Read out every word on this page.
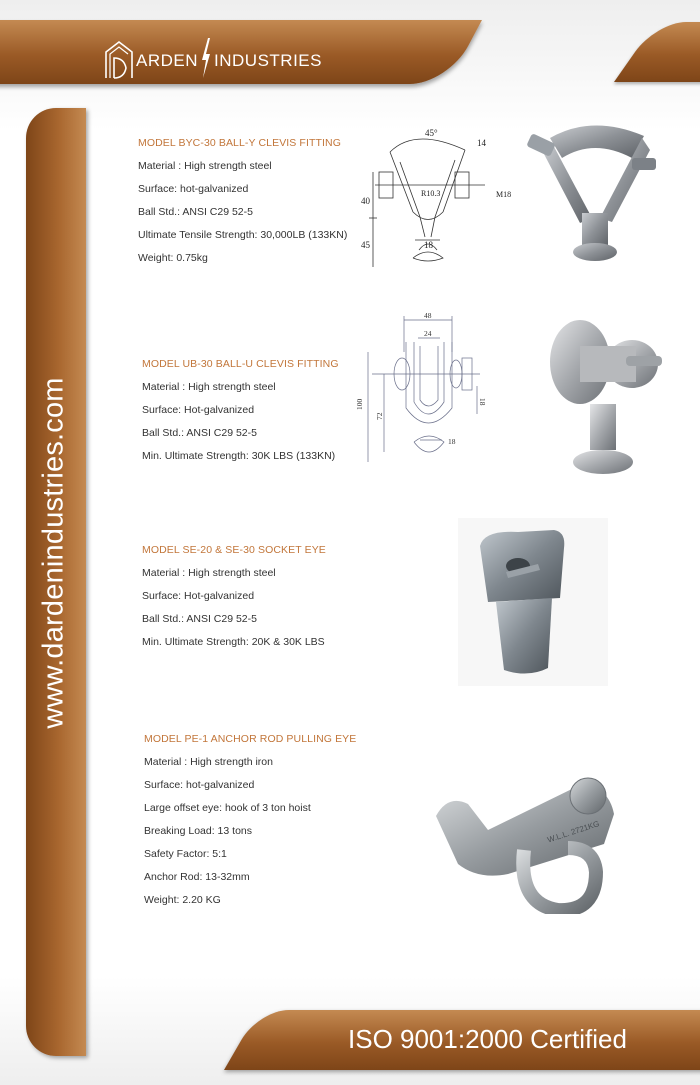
ARDEN INDUSTRIES
www.dardenindustries.com
ISO 9001:2000 Certified
MODEL BYC-30 BALL-Y CLEVIS FITTING
Material : High strength steel
Surface: hot-galvanized
Ball Std.: ANSI C29 52-5
Ultimate Tensile Strength: 30,000LB (133KN)
Weight: 0.75kg
45°
14
R10.3	M18
40
45	18
MODEL UB-30 BALL-U CLEVIS FITTING
Material : High strength steel
Surface: Hot-galvanized
Ball Std.: ANSI C29 52-5
Min. Ultimate Strength: 30K LBS (133KN)
48
24
100
72
18
18
MODEL SE-20 & SE-30 SOCKET EYE
Material : High strength steel
Surface: Hot-galvanized
Ball Std.: ANSI C29 52-5
Min. Ultimate Strength: 20K & 30K LBS
MODEL PE-1 ANCHOR ROD PULLING EYE
Material : High strength iron
Surface: hot-galvanized
Large offset eye: hook of 3 ton hoist
Breaking Load: 13 tons
Safety Factor: 5:1
Anchor Rod: 13-32mm
Weight: 2.20 KG
W.L.L. 2721KG
